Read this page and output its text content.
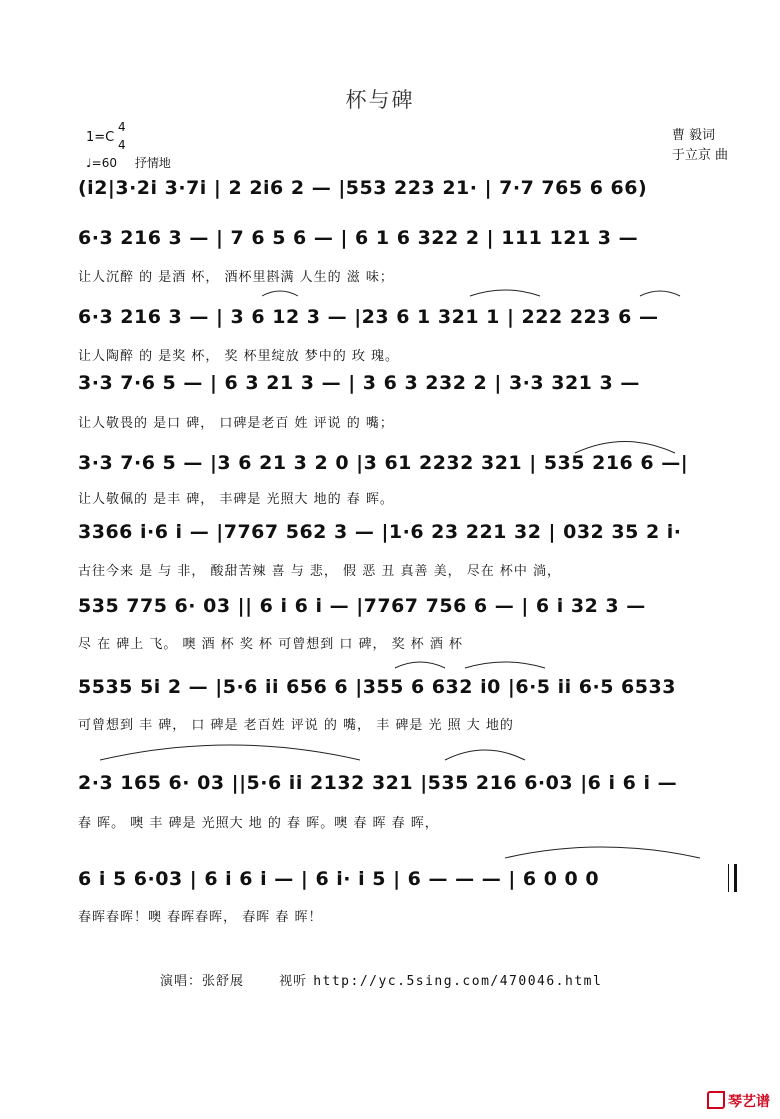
杯与碑
1=C
4
4
♩=60 抒情地
曹 毅词
于立京 曲
(i2|3·2i 3·7i | 2 2i6 2 — |553 223 21· | 7·7 765 6 66)
6·3 216 3 — | 7 6 5 6 — | 6 1 6 322 2 | 111 121 3 —
让人沉醉 的 是酒 杯， 酒杯里斟满 人生的 滋 味；
6·3 216 3 — | 3 6 12 3 — |23 6 1 321 1 | 222 223 6 —
让人陶醉 的 是奖 杯， 奖 杯里绽放 梦中的 玫 瑰。
3·3 7·6 5 — | 6 3 21 3 — | 3 6 3 232 2 | 3·3 321 3 —
让人敬畏的 是口 碑， 口碑是老百 姓 评说 的 嘴；
3·3 7·6 5 — |3 6 21 3 2 0 |3 61 2232 321 | 535 216 6 —|
让人敬佩的 是丰 碑， 丰碑是 光照大 地的 春 晖。
3366 i·6 i — |7767 562 3 — |1·6 23 221 32 | 032 35 2 i·
古往今来 是 与 非， 酸甜苦辣 喜 与 悲， 假 恶 丑 真善 美， 尽在 杯中 淌，
535 775 6· 03 || 6 i 6 i — |7767 756 6 — | 6 i 32 3 —
尽 在 碑上 飞。 噢 酒 杯 奖 杯 可曾想到 口 碑， 奖 杯 酒 杯
5535 5i 2 — |5·6 ii 656 6 |355 6 632 i0 |6·5 ii 6·5 6533
可曾想到 丰 碑， 口 碑是 老百姓 评说 的 嘴， 丰 碑是 光 照 大 地的
2·3 165 6· 03 ||5·6 ii 2132 321 |535 216 6·03 |6 i 6 i —
春 晖。 噢 丰 碑是 光照大 地 的 春 晖。噢 春 晖 春 晖，
6 i 5 6·03 | 6 i 6 i — | 6 i· i 5 | 6 — — — | 6 0 0 0
春晖春晖！噢 春晖春晖， 春晖 春 晖！
演唱：张舒展	视听 http://yc.5sing.com/470046.html
琴艺谱
